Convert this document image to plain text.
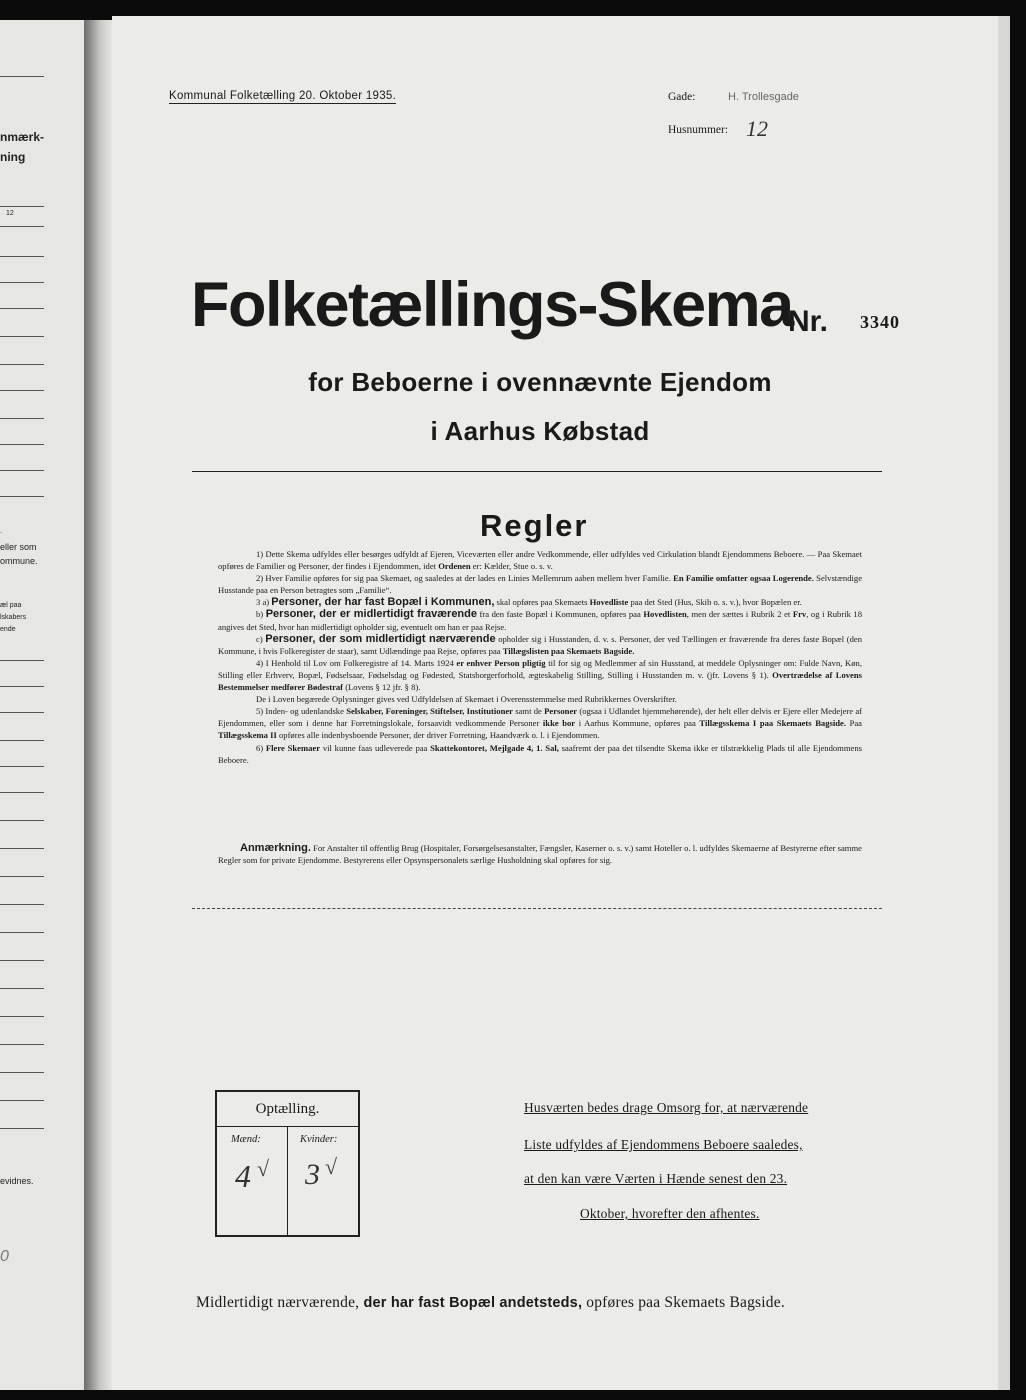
nmærk-
ning
12
.
eller som
ommune.
æl paa
lskabers
ende
evidnes.
0
Kommunal Folketælling 20. Oktober 1935.	Gade:	H. Trollesgade
Husnummer: 12
Folketællings-Skema
Nr. 3340
for Beboerne i ovennævnte Ejendom
i Aarhus Købstad
Regler

1) Dette Skema udfyldes eller besørges udfyldt af Ejeren, Viceværten eller andre Vedkommende, eller udfyldes ved Cirkulation blandt Ejendommens Beboere. — Paa Skemaet opføres de Familier og Personer, der findes i Ejendommen, idet Ordenen er: Kælder, Stue o. s. v.

2) Hver Familie opføres for sig paa Skemaet, og saaledes at der lades en Linies Mellemrum aaben mellem hver Familie. En Familie omfatter ogsaa Logerende. Selvstændige Husstande paa en Person betragtes som „Familie“.

3 a) Personer, der har fast Bopæl i Kommunen, skal opføres paa Skemaets Hovedliste paa det Sted (Hus, Skib o. s. v.), hvor Bopælen er.

b) Personer, der er midlertidigt fraværende fra den faste Bopæl i Kommunen, opføres paa Hovedlisten, men der sættes i Rubrik 2 et Frv, og i Rubrik 18 angives det Sted, hvor han midlertidigt opholder sig, eventuelt om han er paa Rejse.

c) Personer, der som midlertidigt nærværende opholder sig i Husstanden, d. v. s. Personer, der ved Tællingen er fraværende fra deres faste Bopæl (den Kommune, i hvis Folkeregister de staar), samt Udlændinge paa Rejse, opføres paa Tillægslisten paa Skemaets Bagside.

4) I Henhold til Lov om Folkeregistre af 14. Marts 1924 er enhver Person pligtig til for sig og Medlemmer af sin Husstand, at meddele Oplysninger om: Fulde Navn, Køn, Stilling eller Erhverv, Bopæl, Fødselsaar, Fødselsdag og Fødested, Statsborgerforhold, ægteskabelig Stilling, Stilling i Husstanden m. v. (jfr. Lovens § 1). Overtrædelse af Lovens Bestemmelser medfører Bødestraf (Lovens § 12 jfr. § 8).

De i Loven begærede Oplysninger gives ved Udfyldelsen af Skemaet i Overensstemmelse med Rubrikkernes Overskrifter.

5) Inden- og udenlandske Selskaber, Foreninger, Stiftelser, Institutioner samt de Personer (ogsaa i Udlandet hjemmehørende), der helt eller delvis er Ejere eller Medejere af Ejendommen, eller som i denne har Forretningslokale, forsaavidt vedkommende Personer ikke bor i Aarhus Kommune, opføres paa Tillægsskema I paa Skemaets Bagside. Paa Tillægsskema II opføres alle indenbysboende Personer, der driver Forretning, Haandværk o. l. i Ejendommen.

6) Flere Skemaer vil kunne faas udleverede paa Skattekontoret, Mejlgade 4, 1. Sal, saafremt der paa det tilsendte Skema ikke er tilstrækkelig Plads til alle Ejendommens Beboere.

Anmærkning. For Anstalter til offentlig Brug (Hospitaler, Forsørgelsesanstalter, Fængsler, Kaserner o. s. v.) samt Hoteller o. l. udfyldes Skemaerne af Bestyrerne efter samme Regler som for private Ejendomme. Bestyrerens eller Opsynspersonalets særlige Husholdning skal opføres for sig.
Optælling.
Mænd:	Kvinder:
4 √ 3 √

Husværten bedes drage Omsorg for, at nærværende

Liste udfyldes af Ejendommens Beboere saaledes,

at den kan være Værten i Hænde senest den 23.

Oktober, hvorefter den afhentes.

Midlertidigt nærværende, der har fast Bopæl andetsteds, opføres paa Skemaets Bagside.
